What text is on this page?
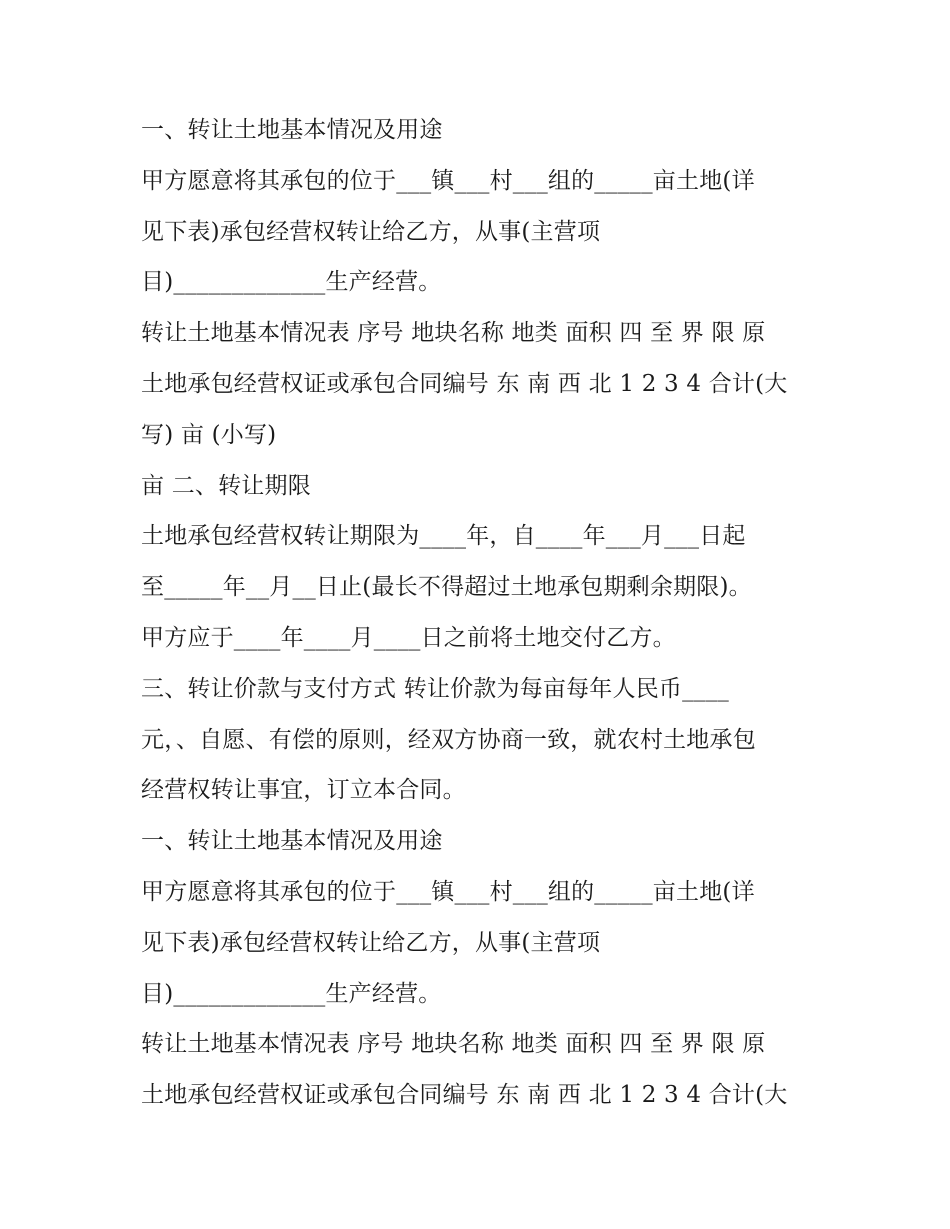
一、转让土地基本情况及用途
甲方愿意将其承包的位于___镇___村___组的_____亩土地(详
见下表)承包经营权转让给乙方，从事(主营项
目)_____________生产经营。
转让土地基本情况表 序号 地块名称 地类 面积 四 至 界 限 原
土地承包经营权证或承包合同编号 东 南 西 北 1 2 3 4 合计(大
写) 亩 (小写)
亩 二、转让期限
土地承包经营权转让期限为____年，自____年___月___日起
至_____年__月__日止(最长不得超过土地承包期剩余期限)。
甲方应于____年____月____日之前将土地交付乙方。
三、转让价款与支付方式 转让价款为每亩每年人民币____
元，、自愿、有偿的原则，经双方协商一致，就农村土地承包
经营权转让事宜，订立本合同。
一、转让土地基本情况及用途
甲方愿意将其承包的位于___镇___村___组的_____亩土地(详
见下表)承包经营权转让给乙方，从事(主营项
目)_____________生产经营。
转让土地基本情况表 序号 地块名称 地类 面积 四 至 界 限 原
土地承包经营权证或承包合同编号 东 南 西 北 1 2 3 4 合计(大
